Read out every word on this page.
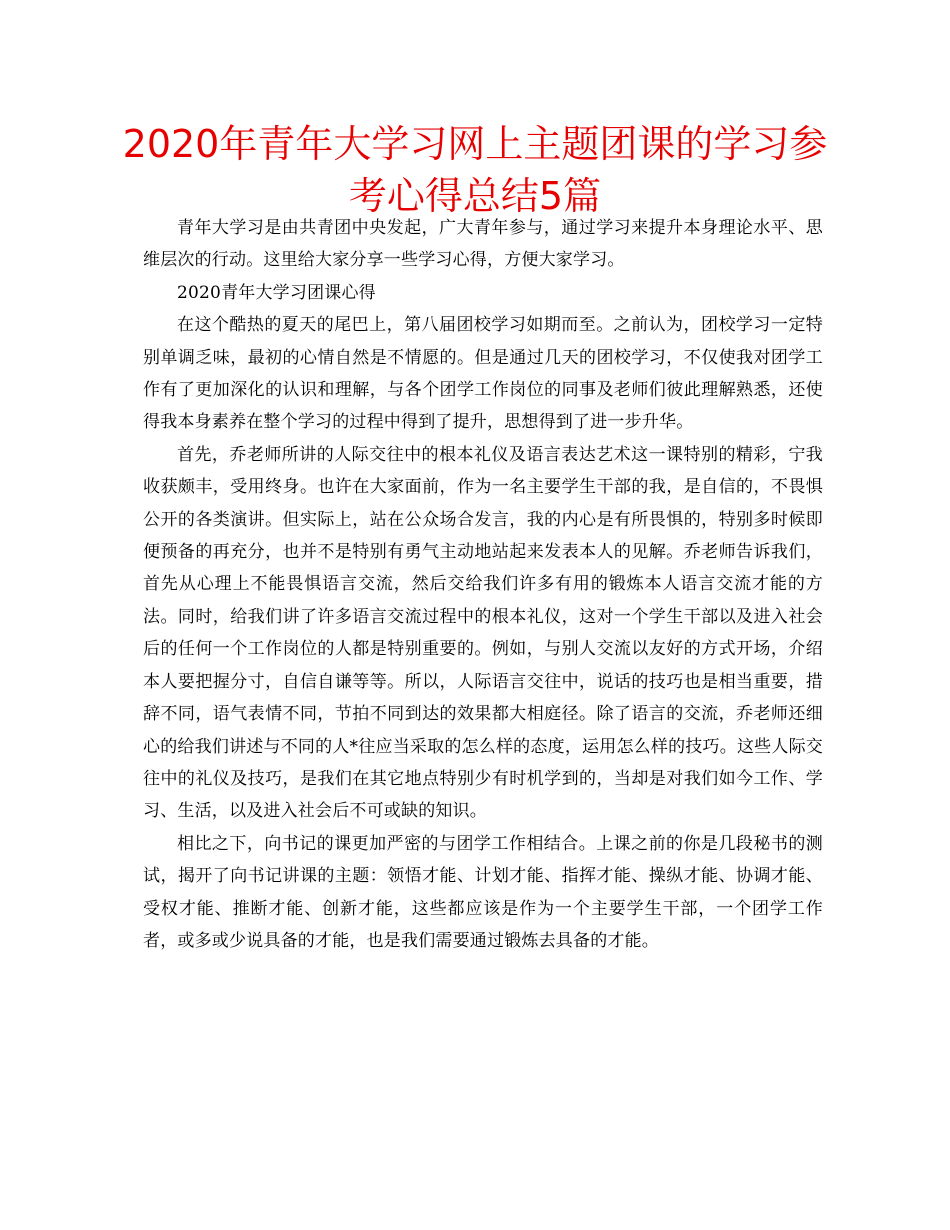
2020年青年大学习网上主题团课的学习参
考心得总结5篇

青年大学习是由共青团中央发起，广大青年参与，通过学习来提升本身理论水平、思维层次的行动。这里给大家分享一些学习心得，方便大家学习。

2020青年大学习团课心得

在这个酷热的夏天的尾巴上，第八届团校学习如期而至。之前认为，团校学习一定特别单调乏味，最初的心情自然是不情愿的。但是通过几天的团校学习，不仅使我对团学工作有了更加深化的认识和理解，与各个团学工作岗位的同事及老师们彼此理解熟悉，还使得我本身素养在整个学习的过程中得到了提升，思想得到了进一步升华。

首先，乔老师所讲的人际交往中的根本礼仪及语言表达艺术这一课特别的精彩，宁我收获颇丰，受用终身。也许在大家面前，作为一名主要学生干部的我，是自信的，不畏惧公开的各类演讲。但实际上，站在公众场合发言，我的内心是有所畏惧的，特别多时候即便预备的再充分，也并不是特别有勇气主动地站起来发表本人的见解。乔老师告诉我们，首先从心理上不能畏惧语言交流，然后交给我们许多有用的锻炼本人语言交流才能的方法。同时，给我们讲了许多语言交流过程中的根本礼仪，这对一个学生干部以及进入社会后的任何一个工作岗位的人都是特别重要的。例如，与别人交流以友好的方式开场，介绍本人要把握分寸，自信自谦等等。所以，人际语言交往中，说话的技巧也是相当重要，措辞不同，语气表情不同，节拍不同到达的效果都大相庭径。除了语言的交流，乔老师还细心的给我们讲述与不同的人*往应当采取的怎么样的态度，运用怎么样的技巧。这些人际交往中的礼仪及技巧，是我们在其它地点特别少有时机学到的，当却是对我们如今工作、学习、生活，以及进入社会后不可或缺的知识。

相比之下，向书记的课更加严密的与团学工作相结合。上课之前的你是几段秘书的测试，揭开了向书记讲课的主题：领悟才能、计划才能、指挥才能、操纵才能、协调才能、受权才能、推断才能、创新才能，这些都应该是作为一个主要学生干部，一个团学工作者，或多或少说具备的才能，也是我们需要通过锻炼去具备的才能。
